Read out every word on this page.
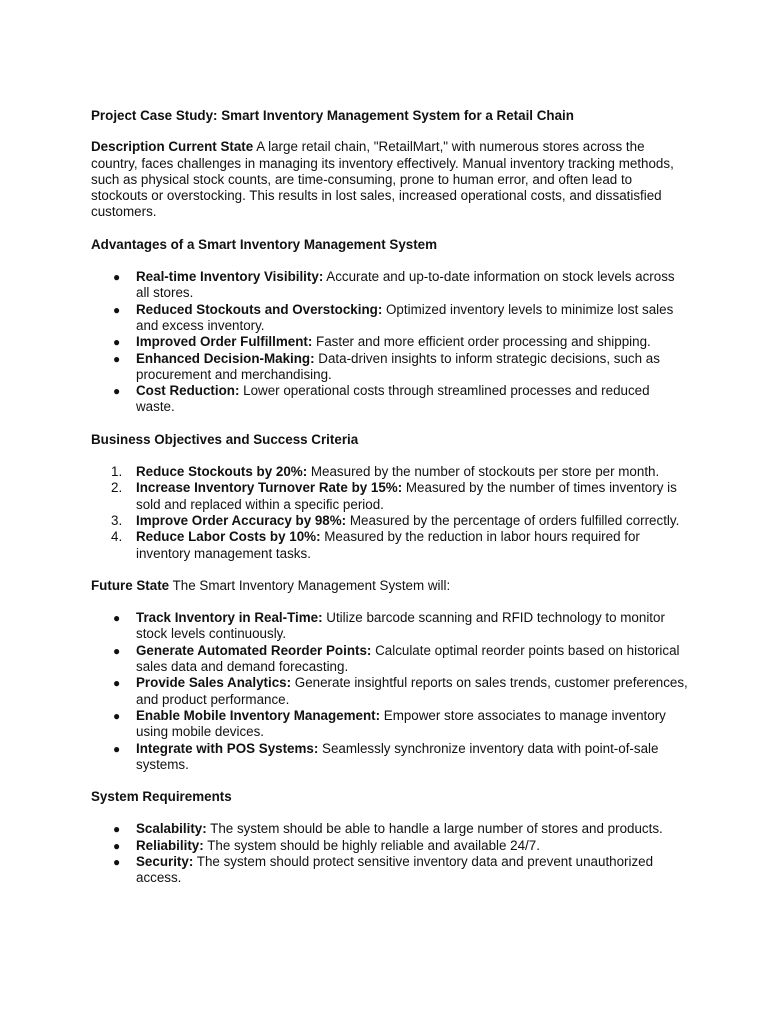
Project Case Study: Smart Inventory Management System for a Retail Chain

Description Current State A large retail chain, "RetailMart," with numerous stores across the country, faces challenges in managing its inventory effectively. Manual inventory tracking methods, such as physical stock counts, are time-consuming, prone to human error, and often lead to stockouts or overstocking. This results in lost sales, increased operational costs, and dissatisfied customers.

Advantages of a Smart Inventory Management System
● Real-time Inventory Visibility: Accurate and up-to-date information on stock levels across all stores.
● Reduced Stockouts and Overstocking: Optimized inventory levels to minimize lost sales and excess inventory.
● Improved Order Fulfillment: Faster and more efficient order processing and shipping.
● Enhanced Decision-Making: Data-driven insights to inform strategic decisions, such as procurement and merchandising.
● Cost Reduction: Lower operational costs through streamlined processes and reduced waste.
Business Objectives and Success Criteria
1. Reduce Stockouts by 20%: Measured by the number of stockouts per store per month.
2. Increase Inventory Turnover Rate by 15%: Measured by the number of times inventory is sold and replaced within a specific period.
3. Improve Order Accuracy by 98%: Measured by the percentage of orders fulfilled correctly.
4. Reduce Labor Costs by 10%: Measured by the reduction in labor hours required for inventory management tasks.

Future State The Smart Inventory Management System will:

● Track Inventory in Real-Time: Utilize barcode scanning and RFID technology to monitor stock levels continuously.
● Generate Automated Reorder Points: Calculate optimal reorder points based on historical sales data and demand forecasting.
● Provide Sales Analytics: Generate insightful reports on sales trends, customer preferences, and product performance.
● Enable Mobile Inventory Management: Empower store associates to manage inventory using mobile devices.
● Integrate with POS Systems: Seamlessly synchronize inventory data with point-of-sale systems.
System Requirements
● Scalability: The system should be able to handle a large number of stores and products.
● Reliability: The system should be highly reliable and available 24/7.
● Security: The system should protect sensitive inventory data and prevent unauthorized access.
